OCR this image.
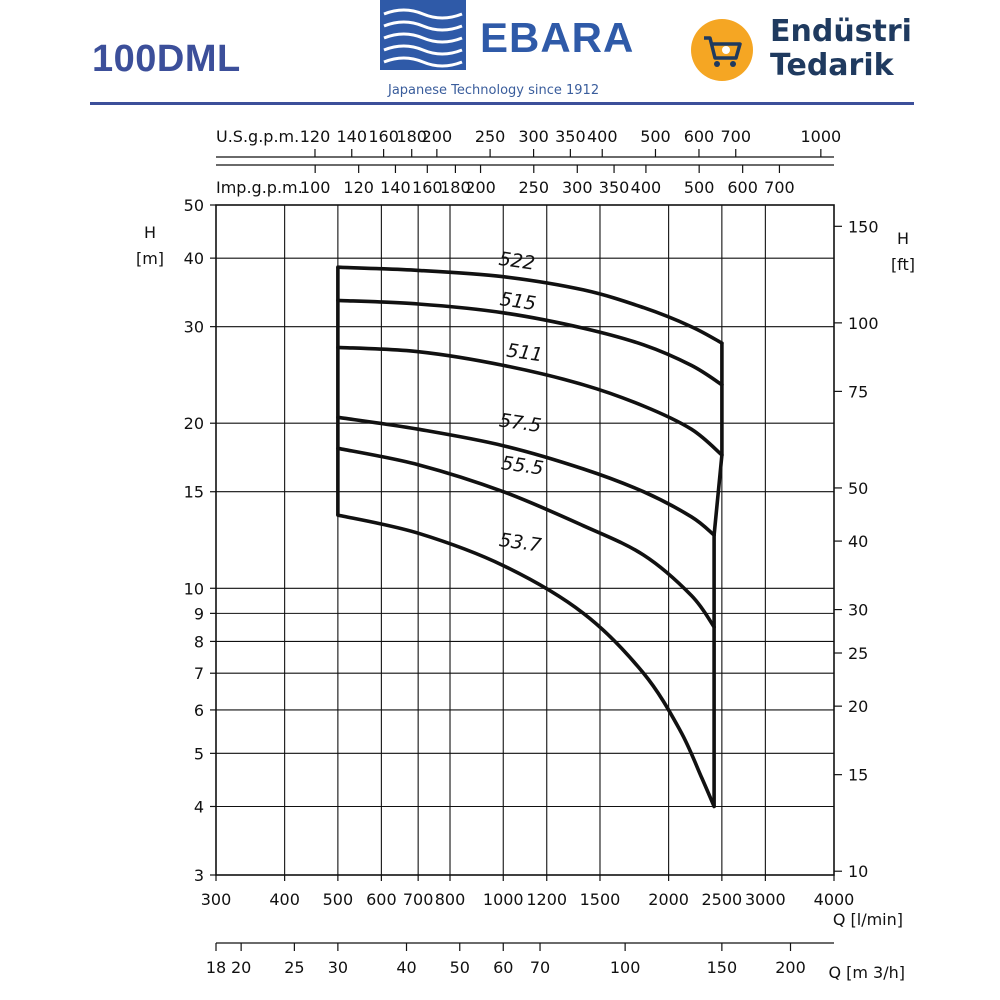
100DML	EBARA
Japanese Technology since 1912
Endüstri
Tedarik
300 400 500 600 700 800 1000 1200 1500 2000 2500 3000 4000
3
4
5
6
7
8
9
10
15
20
30
40
50
10
15
20
25
30
40
50
75
100
150
120 140 160
180
200 250 300 350 400 500 600 700	1000
100 120 140 160
180
200 250 300 350 400 500 600 700
18 20 25 30	40 50 60 70	100	150 200
H
[m]
H
[ft]
Q [l/min]
U.S.g.p.m.
Imp.g.p.m.
Q [m 3/h]
522
515
511
57.5
55.5
53.7
